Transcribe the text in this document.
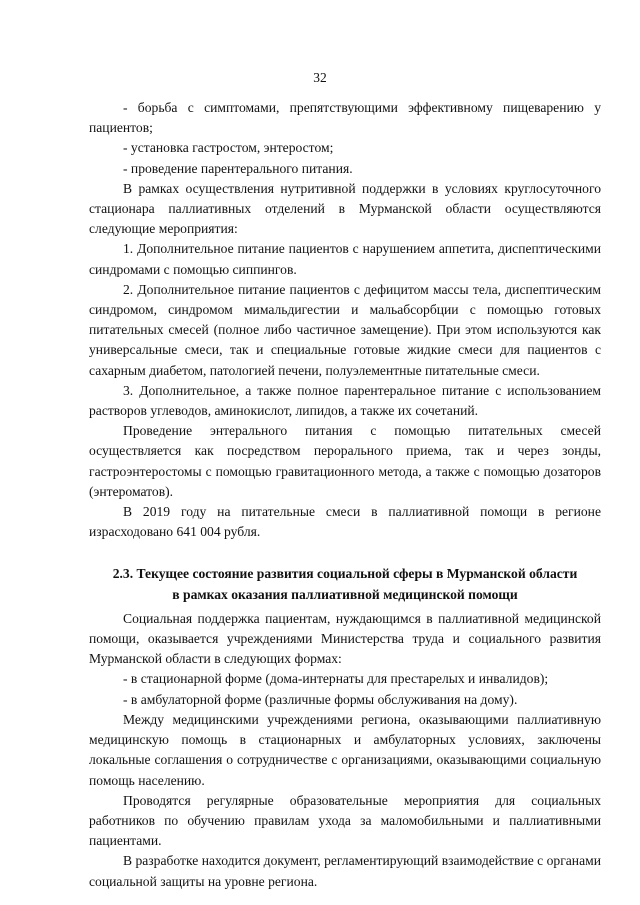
32

- борьба с симптомами, препятствующими эффективному пищеварению у пациентов;

- установка гастростом, энтеростом;

- проведение парентерального питания.

В рамках осуществления нутритивной поддержки в условиях круглосуточного стационара паллиативных отделений в Мурманской области осуществляются следующие мероприятия:

1. Дополнительное питание пациентов с нарушением аппетита, диспептическими синдромами с помощью сиппингов.

2. Дополнительное питание пациентов с дефицитом массы тела, диспептическим синдромом, синдромом мимальдигестии и мальабсорбции с помощью готовых питательных смесей (полное либо частичное замещение). При этом используются как универсальные смеси, так и специальные готовые жидкие смеси для пациентов с сахарным диабетом, патологией печени, полуэлементные питательные смеси.

3. Дополнительное, а также полное парентеральное питание с использованием растворов углеводов, аминокислот, липидов, а также их сочетаний.

Проведение энтерального питания с помощью питательных смесей осуществляется как посредством перорального приема, так и через зонды, гастроэнтеростомы с помощью гравитационного метода, а также с помощью дозаторов (энтероматов).

В 2019 году на питательные смеси в паллиативной помощи в регионе израсходовано 641 004 рубля.

2.3. Текущее состояние развития социальной сферы в Мурманской области
в рамках оказания паллиативной медицинской помощи

Социальная поддержка пациентам, нуждающимся в паллиативной медицинской помощи, оказывается учреждениями Министерства труда и социального развития Мурманской области в следующих формах:

- в стационарной форме (дома-интернаты для престарелых и инвалидов);

- в амбулаторной форме (различные формы обслуживания на дому).

Между медицинскими учреждениями региона, оказывающими паллиативную медицинскую помощь в стационарных и амбулаторных условиях, заключены локальные соглашения о сотрудничестве с организациями, оказывающими социальную помощь населению.

Проводятся регулярные образовательные мероприятия для социальных работников по обучению правилам ухода за маломобильными и паллиативными пациентами.

В разработке находится документ, регламентирующий взаимодействие с органами социальной защиты на уровне региона.
